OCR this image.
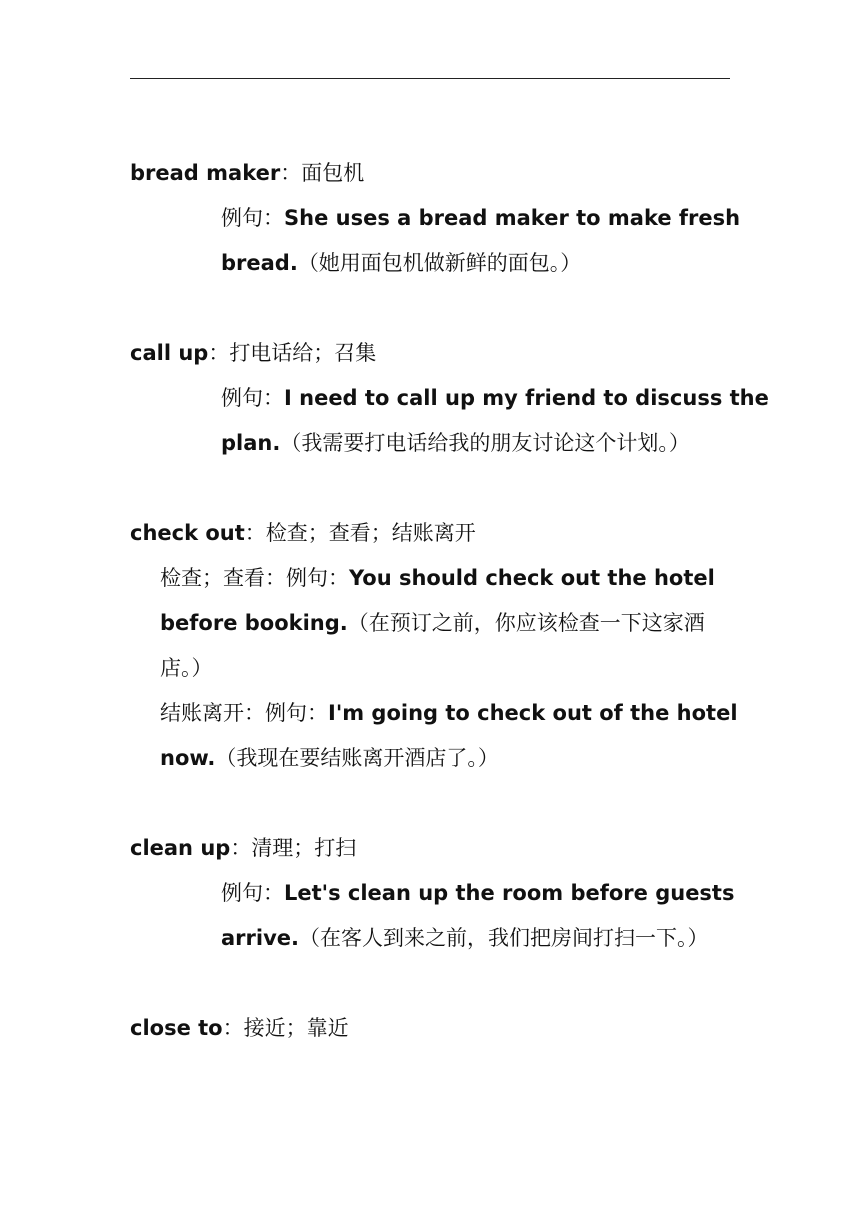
bread maker：面包机
例句：She uses a bread maker to make fresh
bread.（她用面包机做新鲜的面包。）
call up：打电话给；召集
例句：I need to call up my friend to discuss the
plan.（我需要打电话给我的朋友讨论这个计划。）
check out：检查；查看；结账离开
检查；查看：例句：You should check out the hotel
before booking.（在预订之前，你应该检查一下这家酒
店。）
结账离开：例句：I'm going to check out of the hotel
now.（我现在要结账离开酒店了。）
clean up：清理；打扫
例句：Let's clean up the room before guests
arrive.（在客人到来之前，我们把房间打扫一下。）
close to：接近；靠近
